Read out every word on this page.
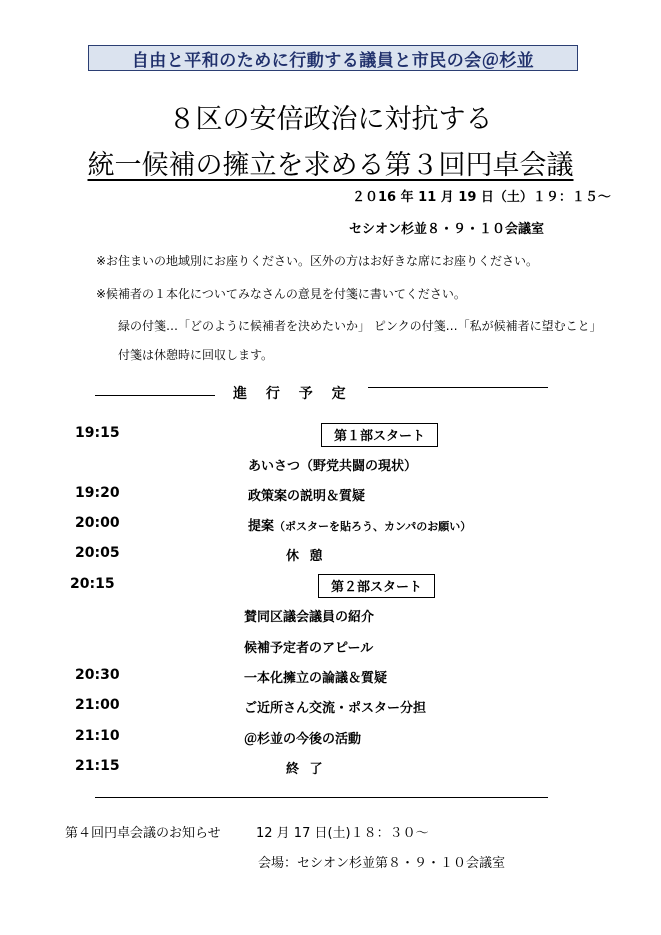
自由と平和のために行動する議員と市民の会＠杉並
８区の安倍政治に対抗する
統一候補の擁立を求める第３回円卓会議
２０16 年 11 月 19 日（土）１９：１５～
セシオン杉並８・９・１０会議室
※お住まいの地域別にお座りください。区外の方はお好きな席にお座りください。
※候補者の１本化についてみなさんの意見を付箋に書いてください。
緑の付箋…「どのように候補者を決めたいか」 ピンクの付箋…「私が候補者に望むこと」
付箋は休憩時に回収します。
進 行 予 定
19:15	第１部スタート
あいさつ（野党共闘の現状）
19:20	政策案の説明＆質疑
20:00	提案（ポスターを貼ろう、カンパのお願い）
20:05	休 憩
20:15	第２部スタート
賛同区議会議員の紹介
候補予定者のアピール
20:30	一本化擁立の論議＆質疑
21:00	ご近所さん交流・ポスター分担
21:10	＠杉並の今後の活動
21:15	終 了
第４回円卓会議のお知らせ	12 月 17 日(土)１８：３０～
会場：セシオン杉並第８・９・１０会議室
